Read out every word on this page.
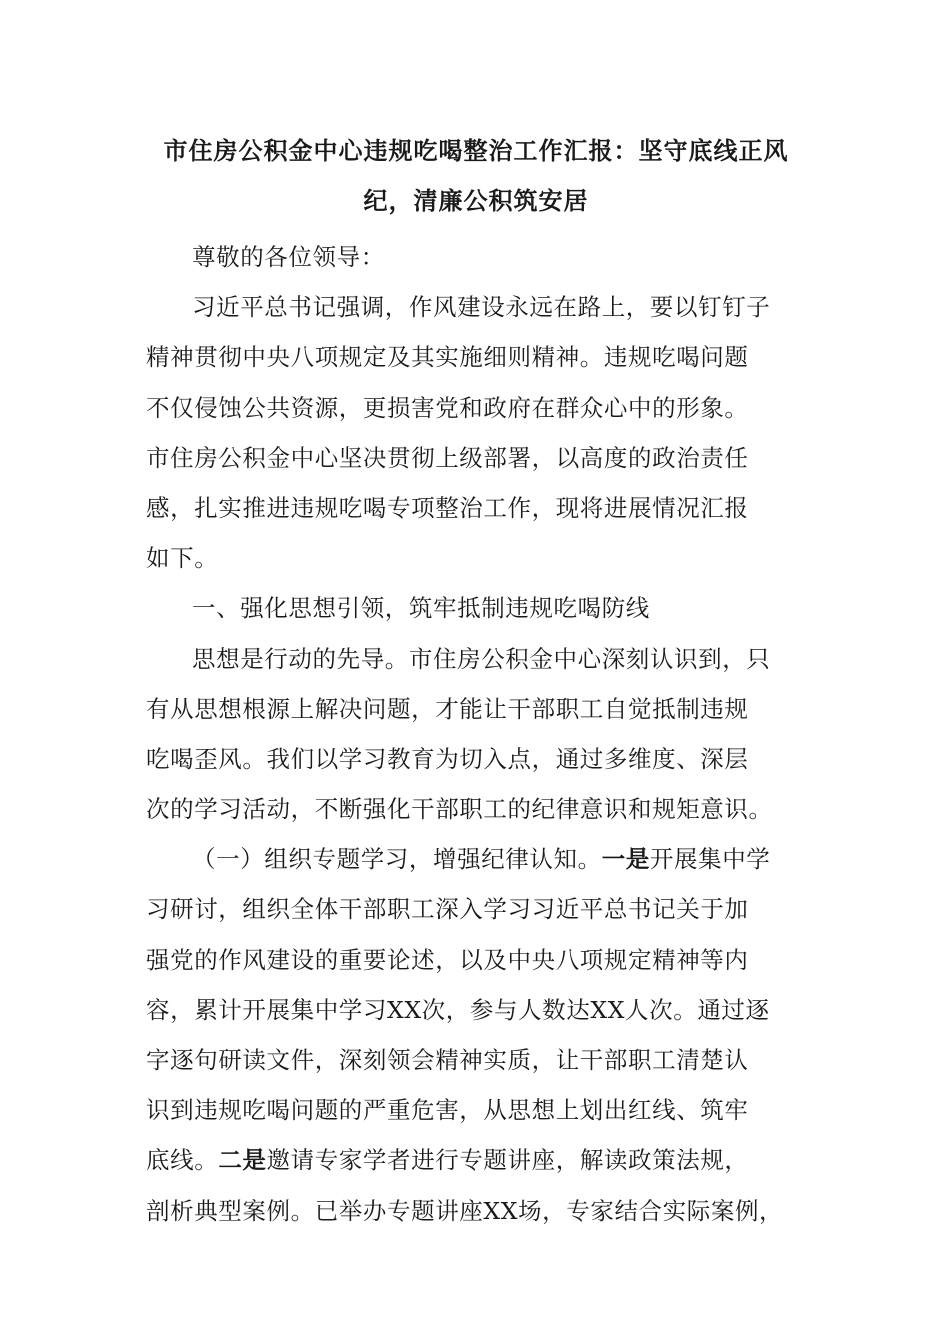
市住房公积金中心违规吃喝整治工作汇报：坚守底线正风
纪，清廉公积筑安居
尊敬的各位领导：
习近平总书记强调，作风建设永远在路上，要以钉钉子
精神贯彻中央八项规定及其实施细则精神。违规吃喝问题
不仅侵蚀公共资源，更损害党和政府在群众心中的形象。
市住房公积金中心坚决贯彻上级部署，以高度的政治责任
感，扎实推进违规吃喝专项整治工作，现将进展情况汇报
如下。
一、强化思想引领，筑牢抵制违规吃喝防线
思想是行动的先导。市住房公积金中心深刻认识到，只
有从思想根源上解决问题，才能让干部职工自觉抵制违规
吃喝歪风。我们以学习教育为切入点，通过多维度、深层
次的学习活动，不断强化干部职工的纪律意识和规矩意识。
（一）组织专题学习，增强纪律认知。一是开展集中学
习研讨，组织全体干部职工深入学习习近平总书记关于加
强党的作风建设的重要论述，以及中央八项规定精神等内
容，累计开展集中学习XX次，参与人数达XX人次。通过逐
字逐句研读文件，深刻领会精神实质，让干部职工清楚认
识到违规吃喝问题的严重危害，从思想上划出红线、筑牢
底线。二是邀请专家学者进行专题讲座，解读政策法规，
剖析典型案例。已举办专题讲座XX场，专家结合实际案例，
